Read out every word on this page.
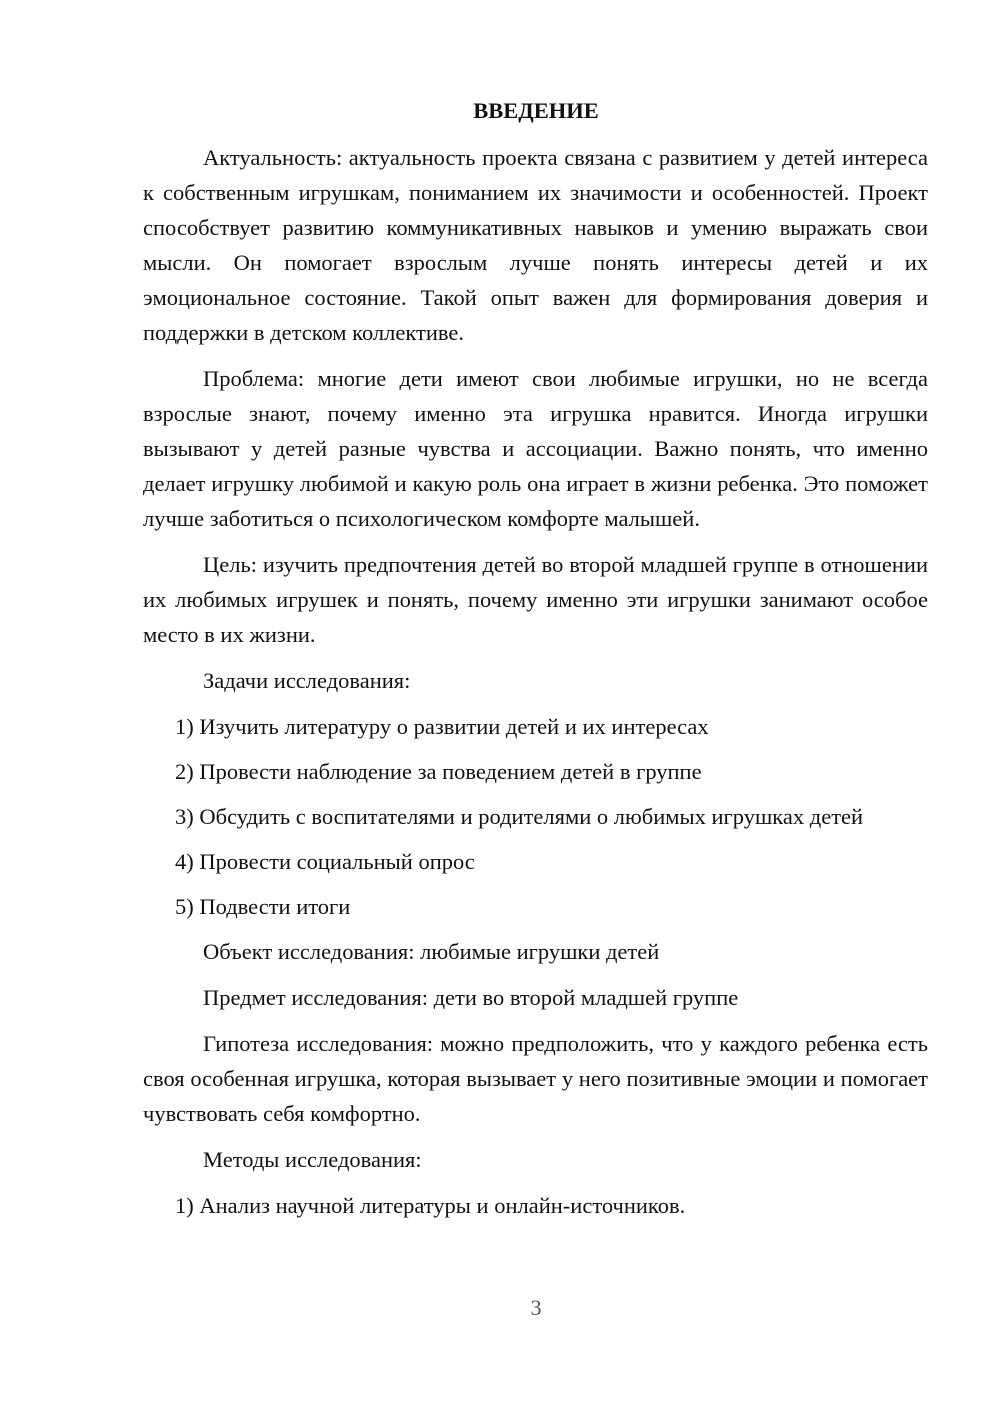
ВВЕДЕНИЕ

Актуальность: актуальность проекта связана с развитием у детей интереса к собственным игрушкам, пониманием их значимости и особенностей. Проект способствует развитию коммуникативных навыков и умению выражать свои мысли. Он помогает взрослым лучше понять интересы детей и их эмоциональное состояние. Такой опыт важен для формирования доверия и поддержки в детском коллективе.

Проблема: многие дети имеют свои любимые игрушки, но не всегда взрослые знают, почему именно эта игрушка нравится. Иногда игрушки вызывают у детей разные чувства и ассоциации. Важно понять, что именно делает игрушку любимой и какую роль она играет в жизни ребенка. Это поможет лучше заботиться о психологическом комфорте малышей.

Цель: изучить предпочтения детей во второй младшей группе в отношении их любимых игрушек и понять, почему именно эти игрушки занимают особое место в их жизни.

Задачи исследования:

1) Изучить литературу о развитии детей и их интересах

2) Провести наблюдение за поведением детей в группе

3) Обсудить с воспитателями и родителями о любимых игрушках детей

4) Провести социальный опрос

5) Подвести итоги

Объект исследования: любимые игрушки детей

Предмет исследования: дети во второй младшей группе

Гипотеза исследования: можно предположить, что у каждого ребенка есть своя особенная игрушка, которая вызывает у него позитивные эмоции и помогает чувствовать себя комфортно.

Методы исследования:

1) Анализ научной литературы и онлайн-источников.

3
